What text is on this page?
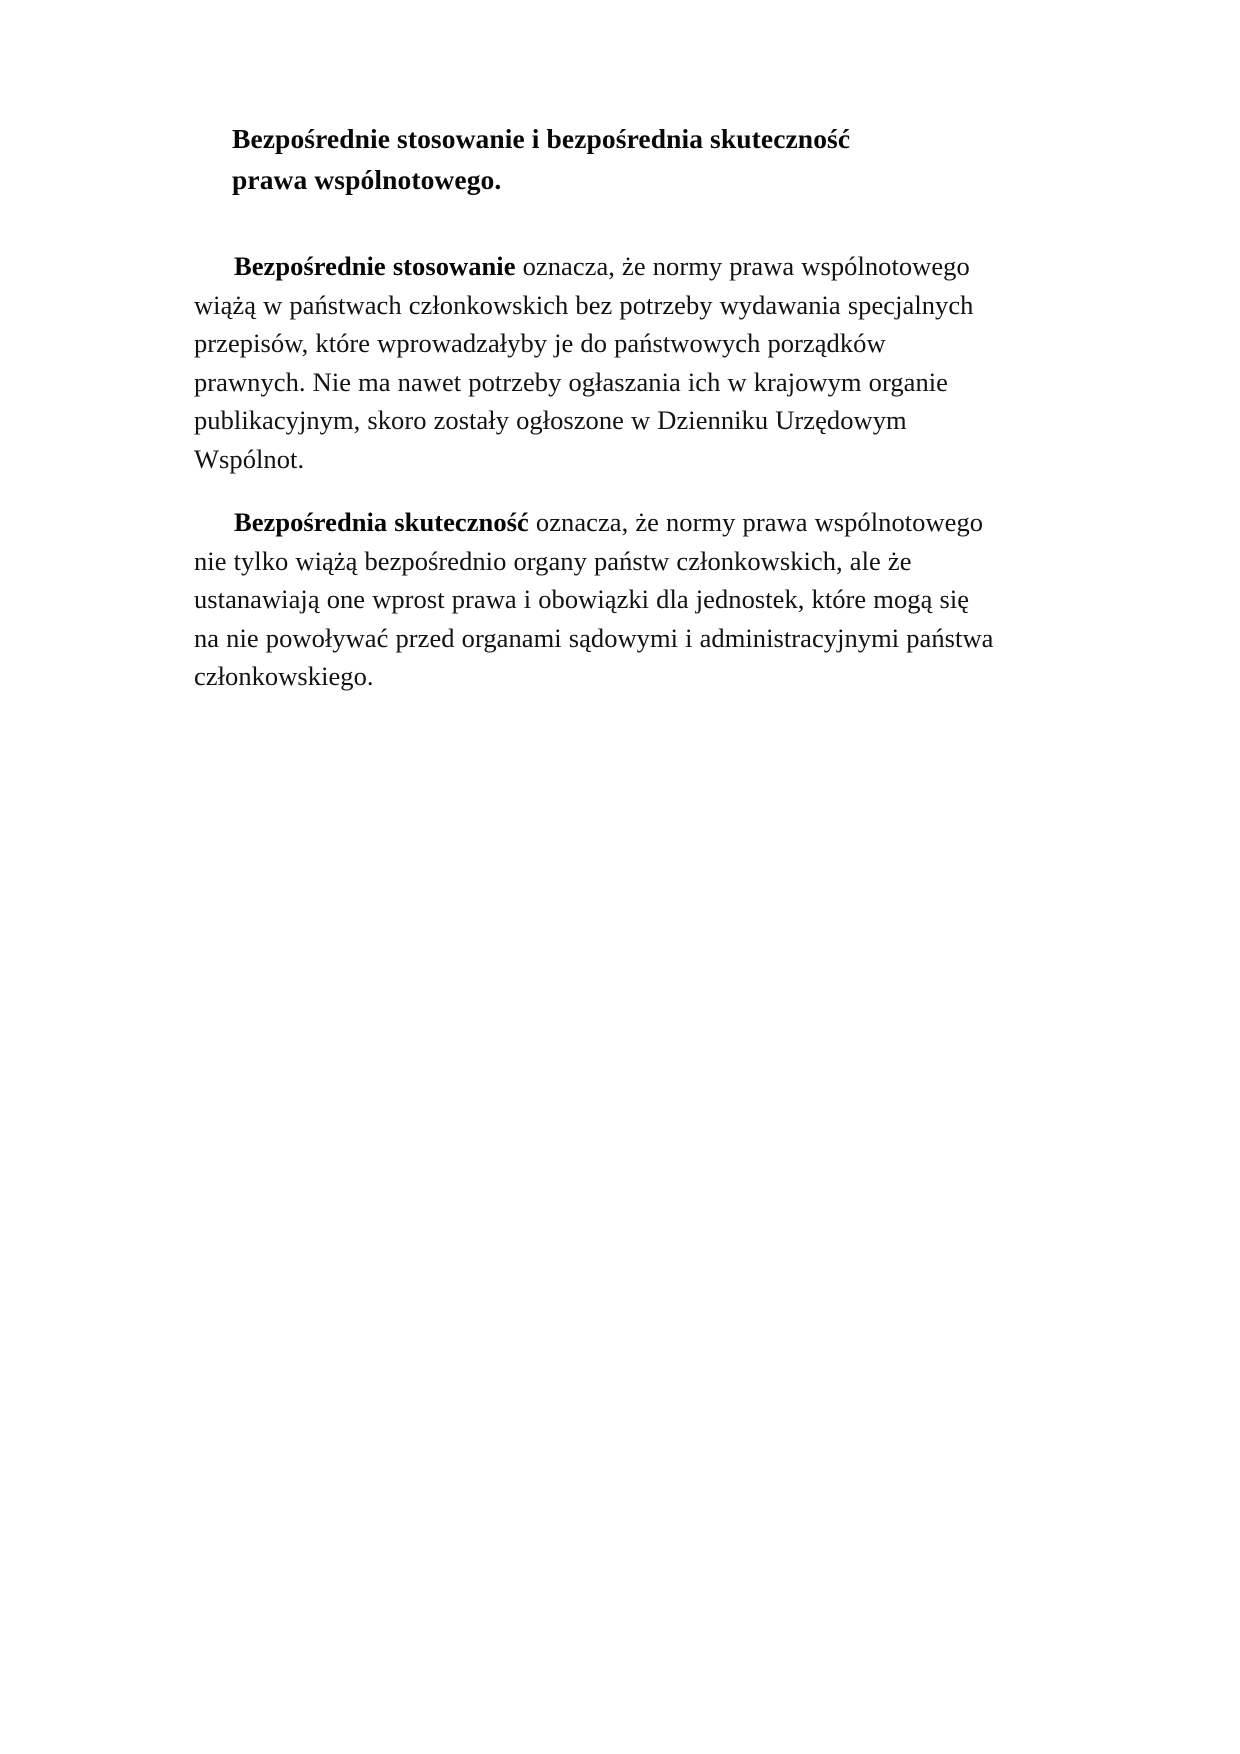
Bezpośrednie stosowanie i bezpośrednia skuteczność prawa wspólnotowego.

Bezpośrednie stosowanie oznacza, że normy prawa wspólnotowego wiążą w państwach członkowskich bez potrzeby wydawania specjalnych przepisów, które wprowadzałyby je do państwowych porządków prawnych. Nie ma nawet potrzeby ogłaszania ich w krajowym organie publikacyjnym, skoro zostały ogłoszone w Dzienniku Urzędowym Wspólnot.

Bezpośrednia skuteczność oznacza, że normy prawa wspólnotowego nie tylko wiążą bezpośrednio organy państw członkowskich, ale że ustanawiają one wprost prawa i obowiązki dla jednostek, które mogą się na nie powoływać przed organami sądowymi i administracyjnymi państwa członkowskiego.
